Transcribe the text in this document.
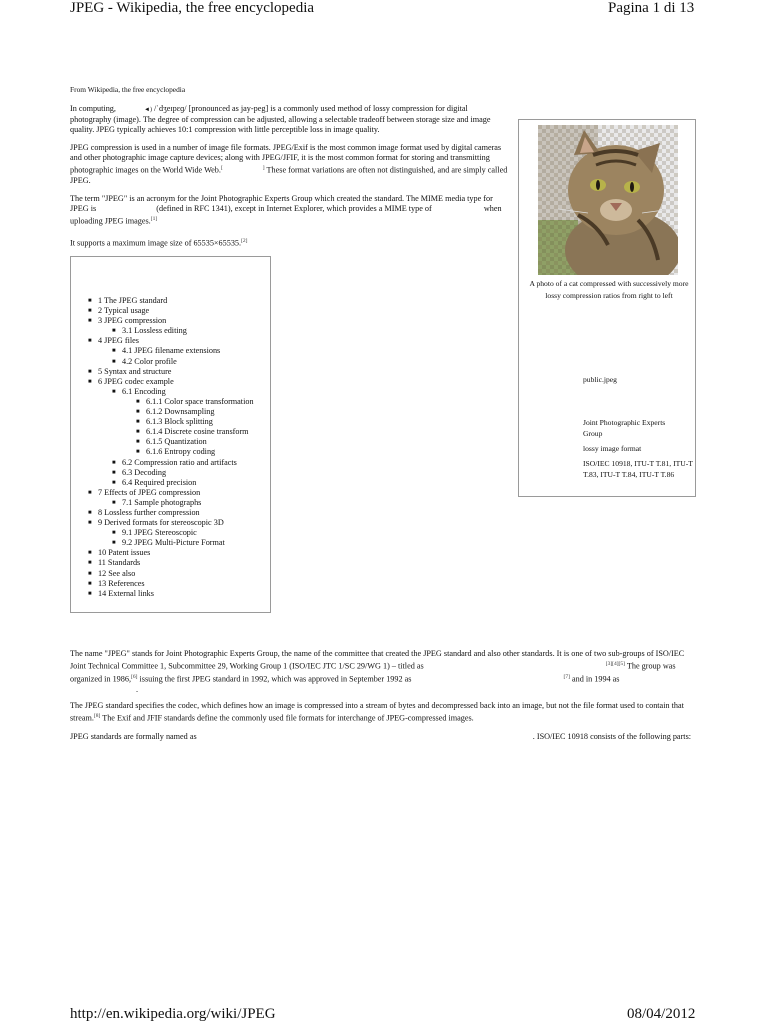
JPEG - Wikipedia, the free encyclopedia	Pagina 1 di 13
From Wikipedia, the free encyclopedia

In computing,	◄) /ˈdʒeɪpɛɡ/ [pronounced as jay-peg] is a commonly used method of lossy compression for digital photography (image). The degree of compression can be adjusted, allowing a selectable tradeoff between storage size and image quality. JPEG typically achieves 10:1 compression with little perceptible loss in image quality.

JPEG compression is used in a number of image file formats. JPEG/Exif is the most common image format used by digital cameras and other photographic image capture devices; along with JPEG/JFIF, it is the most common format for storing and transmitting photographic images on the World Wide Web.[	] These format variations are often not distinguished, and are simply called JPEG.

The term "JPEG" is an acronym for the Joint Photographic Experts Group which created the standard. The MIME media type for JPEG is	(defined in RFC 1341), except in Internet Explorer, which provides a MIME type of	when uploading JPEG images.[1]

It supports a maximum image size of 65535×65535.[2]

A photo of a cat compressed with successively more lossy compression ratios from right to left
public.jpeg
Joint Photographic Experts Group
lossy image format
ISO/IEC 10918, ITU-T T.81, ITU-T T.83, ITU-T T.84, ITU-T T.86
■ 1 The JPEG standard
■ 2 Typical usage
■ 3 JPEG compression
■ 3.1 Lossless editing
■ 4 JPEG files
■ 4.1 JPEG filename extensions
■ 4.2 Color profile
■ 5 Syntax and structure
■ 6 JPEG codec example
■ 6.1 Encoding
■ 6.1.1 Color space transformation
■ 6.1.2 Downsampling
■ 6.1.3 Block splitting
■ 6.1.4 Discrete cosine transform
■ 6.1.5 Quantization
■ 6.1.6 Entropy coding
■ 6.2 Compression ratio and artifacts
■ 6.3 Decoding
■ 6.4 Required precision
■ 7 Effects of JPEG compression
■ 7.1 Sample photographs
■ 8 Lossless further compression
■ 9 Derived formats for stereoscopic 3D
■ 9.1 JPEG Stereoscopic
■ 9.2 JPEG Multi-Picture Format
■ 10 Patent issues
■ 11 Standards
■ 12 See also
■ 13 References
■ 14 External links

The name "JPEG" stands for Joint Photographic Experts Group, the name of the committee that created the JPEG standard and also other standards. It is one of two sub-groups of ISO/IEC Joint Technical Committee 1, Subcommittee 29, Working Group 1 (ISO/IEC JTC 1/SC 29/WG 1) – titled as	[3][4][5] The group was organized in 1986,[6] issuing the first JPEG standard in 1992, which was approved in September 1992 as	[7] and in 1994 as
.

The JPEG standard specifies the codec, which defines how an image is compressed into a stream of bytes and decompressed back into an image, but not the file format used to contain that stream.[8] The Exif and JFIF standards define the commonly used file formats for interchange of JPEG-compressed images.

JPEG standards are formally named as	. ISO/IEC 10918 consists of the following parts:

http://en.wikipedia.org/wiki/JPEG	08/04/2012
